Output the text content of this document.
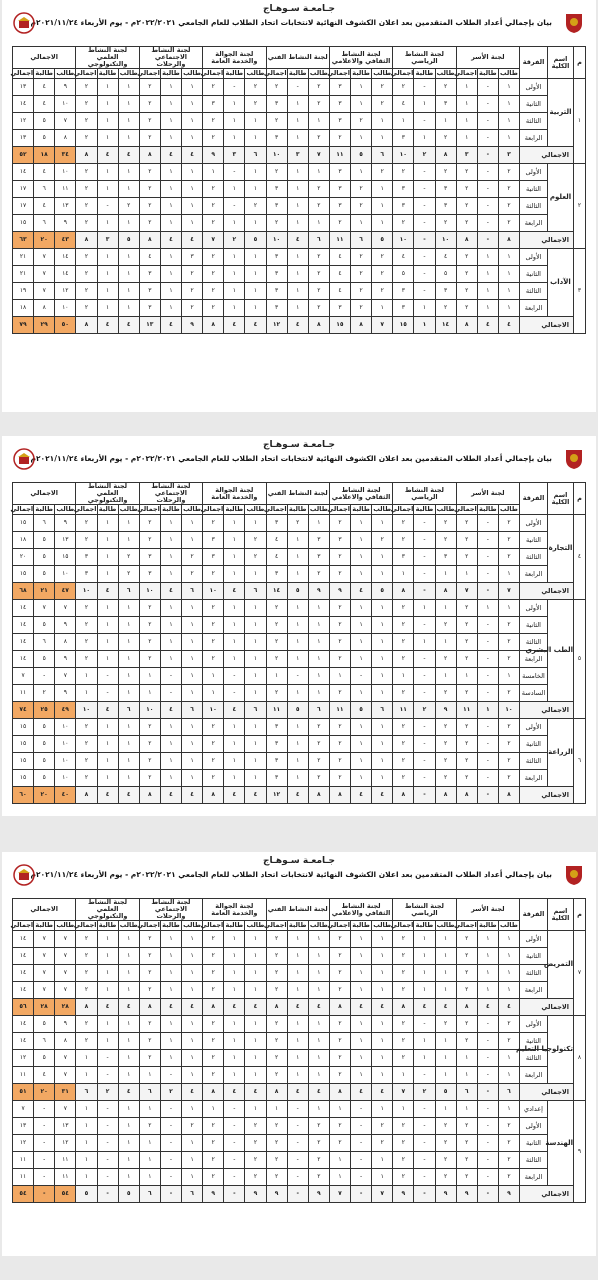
جـامعـة سـوهـاج
بيان بإجمالي أعداد الطلاب المتقدمين بعد اعلان الكشوف النهائية لانتخابات اتحاد الطلاب للعام الجامعي ٢٠٢٢/٢٠٢١م - يوم الأربعاء ٢٠٢١/١١/٢٤م
م	اسم الكلية	الفرقة	لجنة الأسر			لجنة النشاط الرياضي			لجنة النشاط الثقافي والاعلامي			لجنة النشاط الفني			لجنة الجوالة والخدمة العامة			لجنة النشاط الاجتماعي والرحلات			لجنة النشاط العلمي والتكنولوجي			الاجمالي		
			طالب	طالبة	اجمالي	طالب	طالبة	اجمالي	طالب	طالبة	اجمالي	طالب	طالبة	اجمالي	طالب	طالبة	اجمالي	طالب	طالبة	اجمالي	طالب	طالبة	اجمالي	طالب	طالبة	اجمالي
١	التربية	الأولى	١	-	١	٢	-	٢	٢	١	٣	٢	-	٢	٢	-	٢	١	١	٢	١	١	٢	٩	٤	١٣
		الثانية	١	-	١	٣	١	٤	٢	١	٣	٢	١	٣	٢	١	٣	١	١	٢	١	١	٢	١٠	٤	١٤
		الثالثة	١	-	١	١	-	١	١	٢	٣	١	١	٢	١	١	٢	١	١	٢	١	١	٢	٧	٥	١٢
		الرابعة	١	-	١	٢	١	٣	١	١	٢	٢	١	٣	١	١	٢	١	١	٢	١	١	٢	٨	٥	١٣
	الاجمالي		٣	-	٣	٨	٢	١٠	٦	٥	١١	٧	٣	١٠	٦	٣	٩	٤	٤	٨	٤	٤	٨	٣٤	١٨	٥٢
٢	العلوم	الأولى	٢	-	٢	٢	-	٢	٢	١	٣	١	١	٢	١	-	١	١	١	٢	١	١	٢	١٠	٤	١٤
		الثانية	٢	-	٢	٣	-	٣	١	٢	٣	٢	١	٣	١	١	٢	١	١	٢	١	١	٢	١١	٦	١٧
		الثالثة	٢	-	٢	٣	-	٣	١	٢	٣	٢	١	٣	٢	-	٢	١	١	٢	٢	-	٢	١٣	٤	١٧
		الرابعة	٢	-	٢	٢	-	٢	١	١	٢	١	١	٢	١	١	٢	١	١	٢	١	١	٢	٩	٦	١٥
	الاجمالي		٨	-	٨	١٠	-	١٠	٥	٦	١١	٦	٤	١٠	٥	٢	٧	٤	٤	٨	٥	٣	٨	٤٣	٢٠	٦٣
٣	الآداب	الأولى	١	١	٢	٤	-	٤	٢	٢	٤	٢	١	٣	١	١	٢	٣	١	٤	١	١	٢	١٤	٧	٢١
		الثانية	١	١	٢	٥	-	٥	٢	٢	٤	٢	١	٣	١	١	٢	٢	١	٣	١	١	٢	١٤	٧	٢١
		الثالثة	١	١	٢	٣	-	٣	٢	٢	٤	٢	١	٣	١	١	٢	٢	١	٣	١	١	٢	١٢	٧	١٩
		الرابعة	١	١	٢	٢	١	٣	١	٢	٣	٢	١	٣	١	١	٢	٢	١	٣	١	١	٢	١٠	٨	١٨
	الاجمالي		٤	٤	٨	١٤	١	١٥	٧	٨	١٥	٨	٤	١٢	٤	٤	٨	٩	٤	١٣	٤	٤	٨	٥٠	٢٩	٧٩
جـامعـة سـوهـاج
بيان بإجمالي أعداد الطلاب المتقدمين بعد اعلان الكشوف النهائية لانتخابات اتحاد الطلاب للعام الجامعي ٢٠٢٢/٢٠٢١م - يوم الأربعاء ٢٠٢١/١١/٢٤م
م	اسم الكلية	الفرقة	لجنة الأسر			لجنة النشاط الرياضي			لجنة النشاط الثقافي والاعلامي			لجنة النشاط الفني			لجنة الجوالة والخدمة العامة			لجنة النشاط الاجتماعي والرحلات			لجنة النشاط العلمي والتكنولوجي			الاجمالي		
			طالب	طالبة	اجمالي	طالب	طالبة	اجمالي	طالب	طالبة	اجمالي	طالب	طالبة	اجمالي	طالب	طالبة	اجمالي	طالب	طالبة	اجمالي	طالب	طالبة	اجمالي	طالب	طالبة	اجمالي
٤	التجارة	الأولى	٢	-	٢	٢	-	٢	١	١	٢	١	٢	٣	١	١	٢	١	١	٢	١	١	٢	٩	٦	١٥
		الثانية	٢	-	٢	٢	-	٢	٢	١	٣	٣	١	٤	٢	١	٣	١	١	٢	١	١	٢	١٣	٥	١٨
		الثالثة	٢	-	٢	٣	-	٣	١	١	٢	٣	١	٤	٢	١	٣	٢	١	٣	٢	١	٣	١٥	٥	٢٠
		الرابعة	١	-	١	١	-	١	١	١	٢	٢	١	٣	١	١	٢	٢	١	٣	٢	١	٣	١٠	٥	١٥
	الاجمالي		٧	-	٧	٨	-	٨	٥	٤	٩	٩	٥	١٤	٦	٤	١٠	٦	٤	١٠	٦	٤	١٠	٤٧	٢١	٦٨
٥	الطب البشري	الأولى	١	١	٢	١	١	٢	١	١	٢	١	١	٢	١	١	٢	١	١	٢	١	١	٢	٧	٧	١٤
		الثانية	٢	-	٢	٢	-	٢	١	١	٢	١	١	٢	١	١	٢	١	١	٢	١	١	٢	٩	٥	١٤
		الثالثة	٢	-	٢	١	١	٢	١	١	٢	١	١	٢	١	١	٢	١	١	٢	١	١	٢	٨	٦	١٤
		الرابعة	٢	-	٢	٢	-	٢	١	١	٢	١	١	٢	١	١	٢	١	١	٢	١	١	٢	٩	٥	١٤
		الخامسة	١	-	١	١	-	١	١	-	١	١	-	١	١	-	١	١	-	١	١	-	١	٧	-	٧
		السادسة	٢	-	٢	٢	-	٢	١	١	٢	١	١	٢	١	-	١	١	-	١	١	-	١	٩	٢	١١
	الاجمالي		١٠	١	١١	٩	٢	١١	٦	٥	١١	٦	٥	١١	٦	٤	١٠	٦	٤	١٠	٦	٤	١٠	٤٩	٢٥	٧٤
٦	الزراعة	الأولى	٢	-	٢	٢	-	٢	١	١	٢	٢	١	٣	١	١	٢	١	١	٢	١	١	٢	١٠	٥	١٥
		الثانية	٢	-	٢	٢	-	٢	١	١	٢	٢	١	٣	١	١	٢	١	١	٢	١	١	٢	١٠	٥	١٥
		الثالثة	٢	-	٢	٢	-	٢	١	١	٢	٢	١	٣	١	١	٢	١	١	٢	١	١	٢	١٠	٥	١٥
		الرابعة	٢	-	٢	٢	-	٢	١	١	٢	٢	١	٣	١	١	٢	١	١	٢	١	١	٢	١٠	٥	١٥
	الاجمالي		٨	-	٨	٨	-	٨	٤	٤	٨	٨	٤	١٢	٤	٤	٨	٤	٤	٨	٤	٤	٨	٤٠	٢٠	٦٠
جـامعـة سـوهـاج
بيان بإجمالي أعداد الطلاب المتقدمين بعد اعلان الكشوف النهائية لانتخابات اتحاد الطلاب للعام الجامعي ٢٠٢٢/٢٠٢١م - يوم الأربعاء ٢٠٢١/١١/٢٤م
م	اسم الكلية	الفرقة	لجنة الأسر			لجنة النشاط الرياضي			لجنة النشاط الثقافي والاعلامي			لجنة النشاط الفني			لجنة الجوالة والخدمة العامة			لجنة النشاط الاجتماعي والرحلات			لجنة النشاط العلمي والتكنولوجي			الاجمالي		
			طالب	طالبة	اجمالي	طالب	طالبة	اجمالي	طالب	طالبة	اجمالي	طالب	طالبة	اجمالي	طالب	طالبة	اجمالي	طالب	طالبة	اجمالي	طالب	طالبة	اجمالي	طالب	طالبة	اجمالي
٧	التمريض	الأولى	١	١	٢	١	١	٢	١	١	٢	١	١	٢	١	١	٢	١	١	٢	١	١	٢	٧	٧	١٤
		الثانية	١	١	٢	١	١	٢	١	١	٢	١	١	٢	١	١	٢	١	١	٢	١	١	٢	٧	٧	١٤
		الثالثة	١	١	٢	١	١	٢	١	١	٢	١	١	٢	١	١	٢	١	١	٢	١	١	٢	٧	٧	١٤
		الرابعة	١	١	٢	١	١	٢	١	١	٢	١	١	٢	١	١	٢	١	١	٢	١	١	٢	٧	٧	١٤
	الاجمالي		٤	٤	٨	٤	٤	٨	٤	٤	٨	٤	٤	٨	٤	٤	٨	٤	٤	٨	٤	٤	٨	٢٨	٢٨	٥٦
٨	تكنولوجيا التعليم	الأولى	٢	-	٢	٢	-	٢	١	١	٢	١	١	٢	١	١	٢	١	١	٢	١	١	٢	٩	٥	١٤
		الثانية	٢	-	٢	١	١	٢	١	١	٢	١	١	٢	١	١	٢	١	١	٢	١	١	٢	٨	٦	١٤
		الثالثة	١	-	١	١	١	٢	١	١	٢	١	١	٢	١	١	٢	١	١	٢	١	-	١	٧	٥	١٢
		الرابعة	١	-	١	١	-	١	١	١	٢	١	١	٢	١	١	٢	١	-	١	١	-	١	٧	٤	١١
	الاجمالي		٦	-	٦	٥	٢	٧	٤	٤	٨	٤	٤	٨	٤	٤	٨	٤	٢	٦	٤	٢	٦	٣١	٢٠	٥١
٩	الهندسة	إعدادي	١	-	١	١	-	١	١	-	١	١	-	١	١	-	١	١	-	١	١	-	١	٧	-	٧
		الأولى	٢	-	٢	٢	-	٢	٢	-	٢	٢	-	٢	٢	-	٢	٢	-	٢	١	-	١	١٣	-	١٣
		الثانية	٢	-	٢	٢	-	٢	٢	-	٢	٢	-	٢	٢	-	٢	١	-	١	١	-	١	١٢	-	١٢
		الثالثة	٢	-	٢	٢	-	٢	١	-	١	٢	-	٢	٢	-	٢	١	-	١	١	-	١	١١	-	١١
		الرابعة	٢	-	٢	٢	-	٢	١	-	١	٢	-	٢	٢	-	٢	١	-	١	١	-	١	١١	-	١١
	الاجمالي		٩	-	٩	٩	-	٩	٧	-	٧	٩	-	٩	٩	-	٩	٦	-	٦	٥	-	٥	٥٤	-	٥٤
